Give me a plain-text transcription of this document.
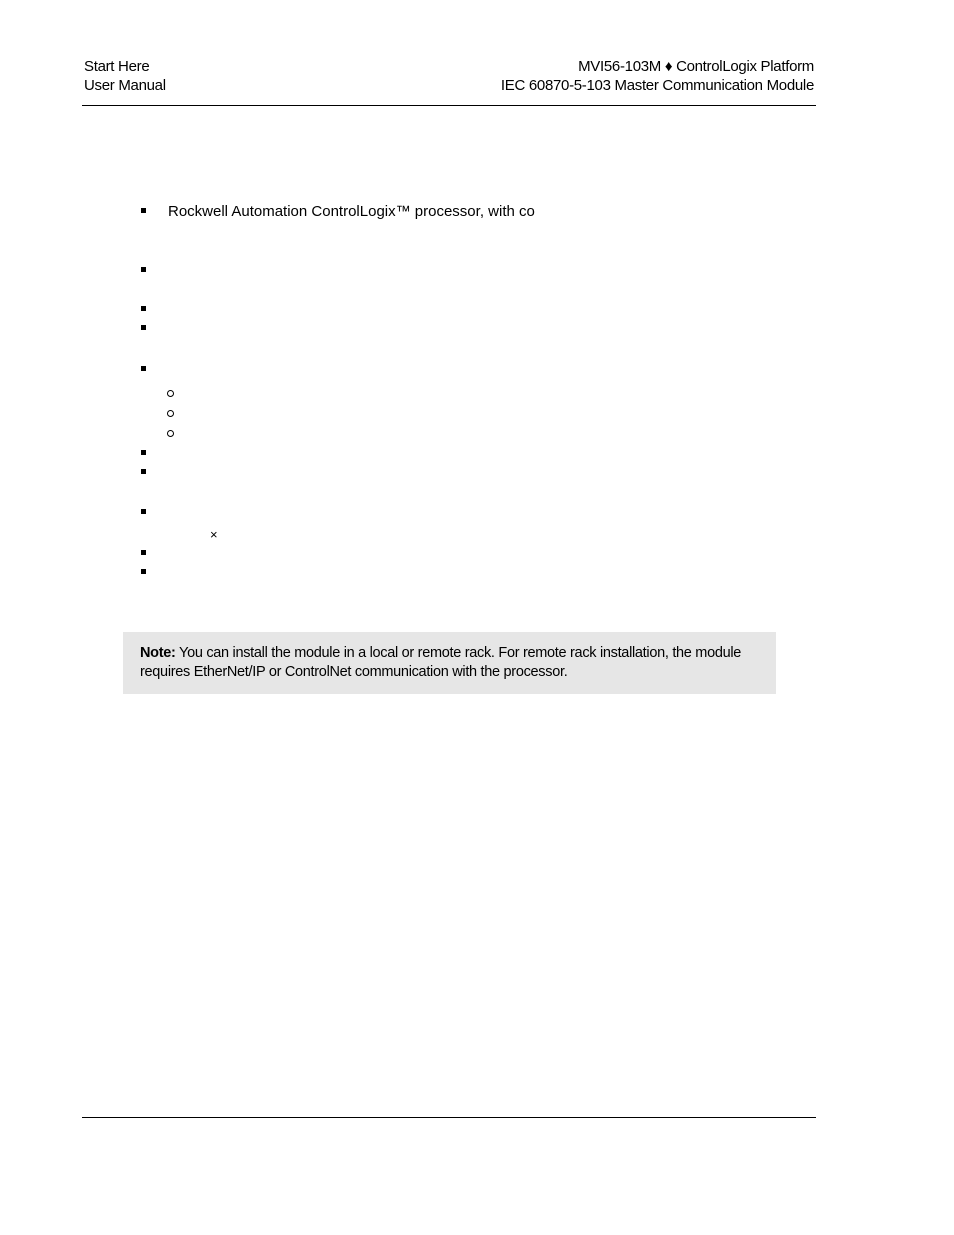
Start Here
User Manual
MVI56-103M ♦ ControlLogix Platform
IEC 60870-5-103 Master Communication Module
Rockwell Automation ControlLogix™ processor, with co
×
Note: You can install the module in a local or remote rack. For remote rack installation, the module requires EtherNet/IP or ControlNet communication with the processor.
